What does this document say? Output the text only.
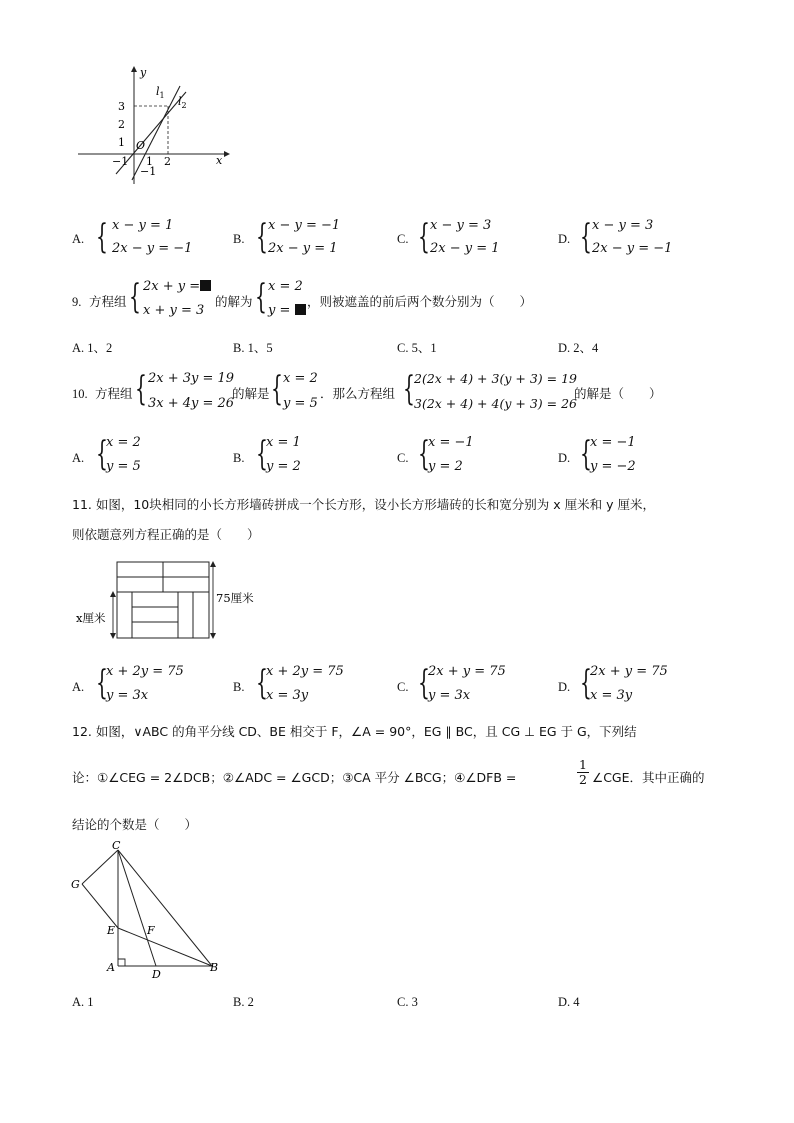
x
y
$l_1$ $l_2$
3
2
1 O
−1 1 2
−1
A. { x − y = 1
2x − y = −1
B. { x − y = −1
2x − y = 1
C. { x − y = 3
2x − y = 1
D. { x − y = 3
2x − y = −1
9. 方程组 { 2x + y =
x + y = 3
的解为 { x = 2
y =
，则被遮盖的前后两个数分别为（　　）
A. 1、2	B. 1、5	C. 5、1	D. 2、4
10. 方程组 { 2x + 3y = 19
3x + 4y = 26
的解是 { x = 2
y = 5
．那么方程组 { 2(2x + 4) + 3(y + 3) = 19
3(2x + 4) + 4(y + 3) = 26
的解是（　　）
A. {
x = 2
y = 5
B. {
x = 1
y = 2
C. {
x = −1
y = 2
D. {
x = −1
y = −2
11. 如图，10块相同的小长方形墙砖拼成一个长方形，设小长方形墙砖的长和宽分别为 x 厘米和 y 厘米，
则依题意列方程正确的是（　　）
75厘米
x厘米
A. {
x + 2y = 75
y = 3x
B. {
x + 2y = 75
x = 3y
C. {
2x + y = 75
y = 3x
D. {
2x + y = 75
x = 3y
12. 如图，∨ABC 的角平分线 CD、BE 相交于 F，∠A = 90°，EG ∥ BC，且 CG ⊥ EG 于 G，下列结
论：①∠CEG = 2∠DCB；②∠ADC = ∠GCD；③CA 平分 ∠BCG；④∠DFB =
1
2 ∠CGE．其中正确的
结论的个数是（　　）
C
G
E	F
A
D
B
A. 1	B. 2	C. 3	D. 4
